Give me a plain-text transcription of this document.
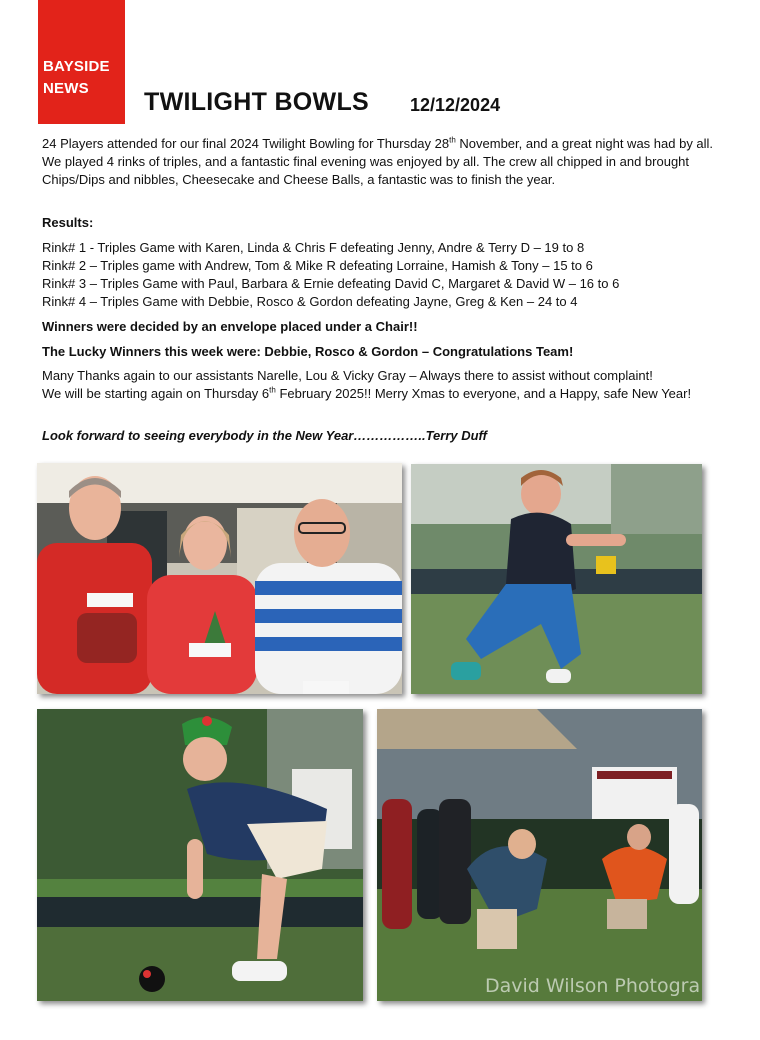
BAYSIDE
NEWS	TWILIGHT BOWLS 12/12/2024

24 Players attended for our final 2024 Twilight Bowling for Thursday 28th November, and a great night was had by all. We played 4 rinks of triples, and a fantastic final evening was enjoyed by all. The crew all chipped in and brought Chips/Dips and nibbles, Cheesecake and Cheese Balls, a fantastic was to finish the year.

Results:

Rink# 1 - Triples Game with Karen, Linda & Chris F defeating Jenny, Andre & Terry D – 19 to 8
Rink# 2 – Triples game with Andrew, Tom & Mike R defeating Lorraine, Hamish & Tony – 15 to 6
Rink# 3 – Triples Game with Paul, Barbara & Ernie defeating David C, Margaret & David W – 16 to 6
Rink# 4 – Triples Game with Debbie, Rosco & Gordon defeating Jayne, Greg & Ken – 24 to 4
Winners were decided by an envelope placed under a Chair!!
The Lucky Winners this week were: Debbie, Rosco & Gordon – Congratulations Team!
Many Thanks again to our assistants Narelle, Lou & Vicky Gray – Always there to assist without complaint!
We will be starting again on Thursday 6th February 2025!! Merry Xmas to everyone, and a Happy, safe New Year!
Look forward to seeing everybody in the New Year……………..Terry Duff
David Wilson Photogra
